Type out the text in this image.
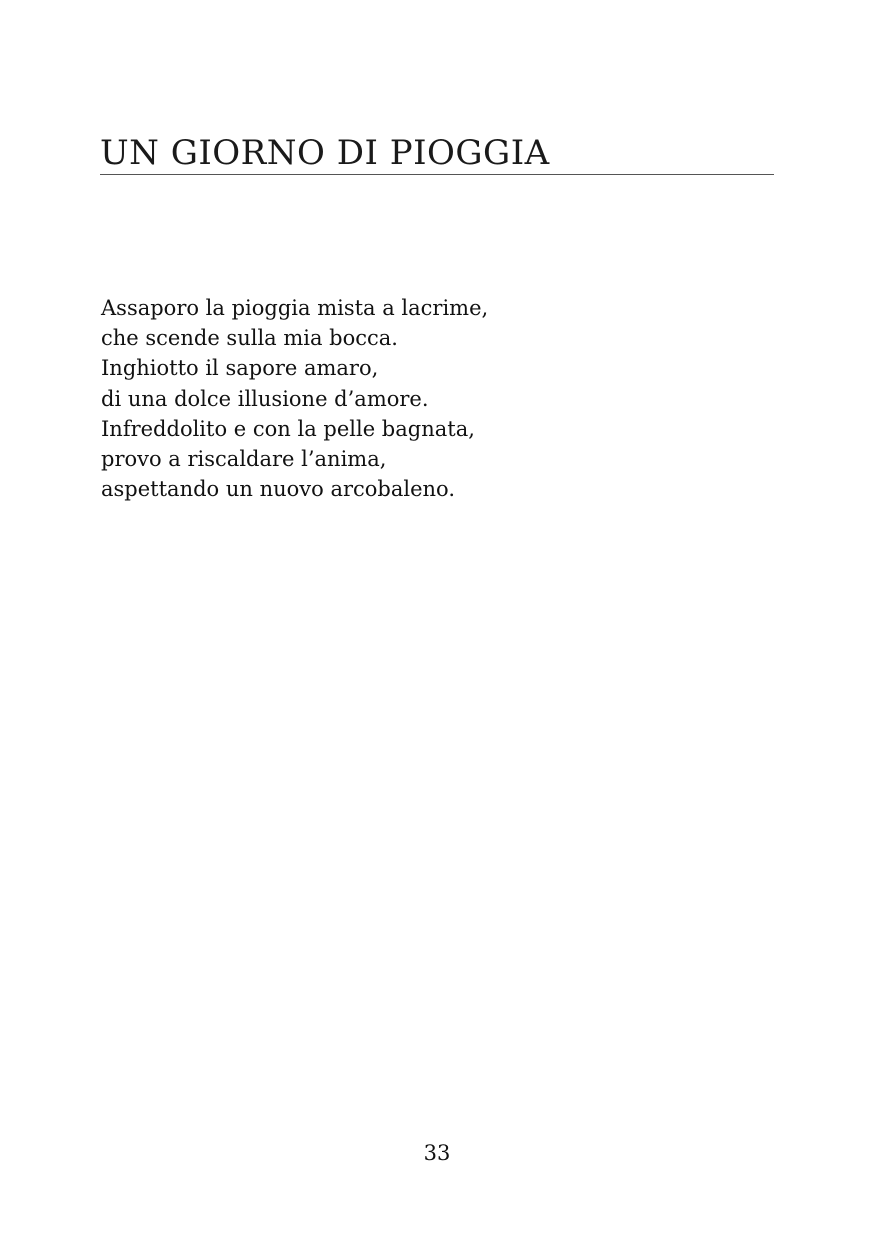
UN GIORNO DI PIOGGIA
Assaporo la pioggia mista a lacrime,
che scende sulla mia bocca.
Inghiotto il sapore amaro,
di una dolce illusione d’amore.
Infreddolito e con la pelle bagnata,
provo a riscaldare l’anima,
aspettando un nuovo arcobaleno.
33
